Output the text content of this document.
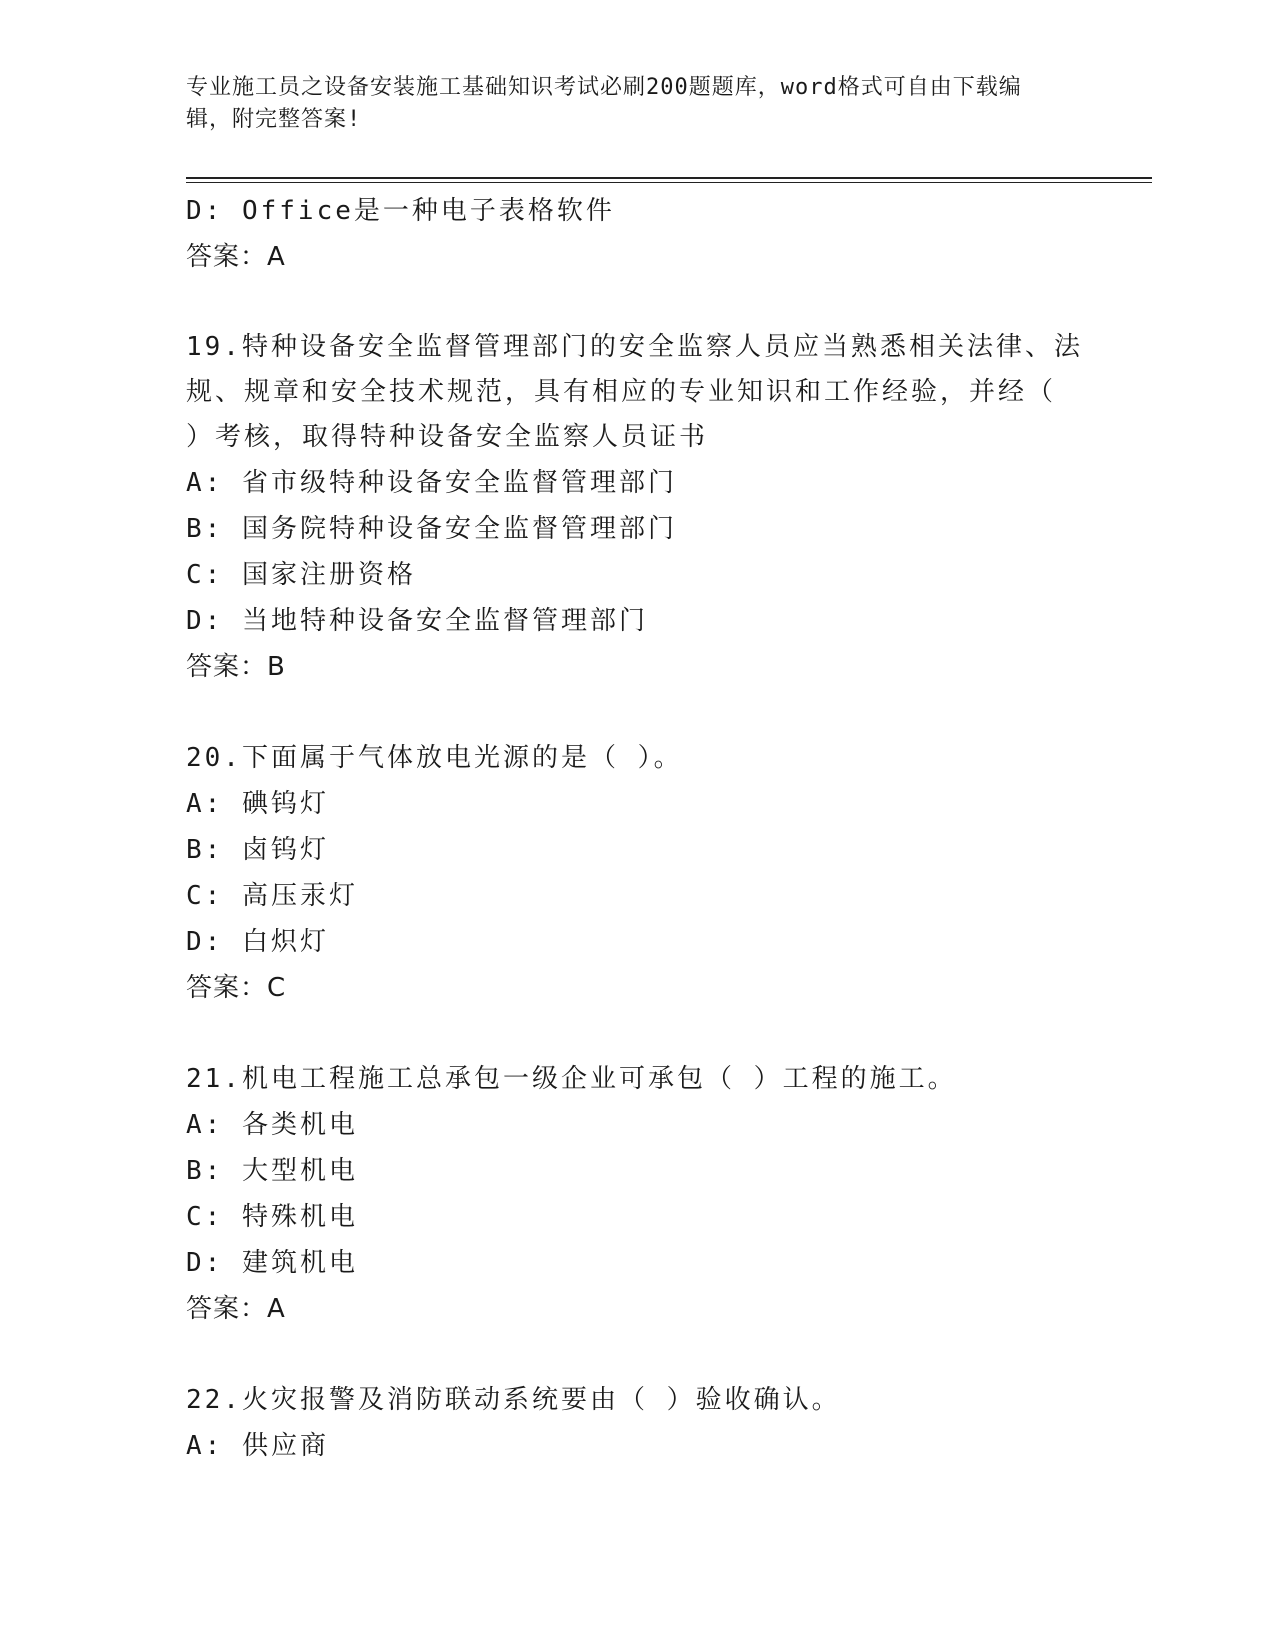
专业施工员之设备安装施工基础知识考试必刷200题题库，word格式可自由下载编辑，附完整答案!
D: Office是一种电子表格软件
答案：A
19.特种设备安全监督管理部门的安全监察人员应当熟悉相关法律、法规、规章和安全技术规范，具有相应的专业知识和工作经验，并经（ ）考核，取得特种设备安全监察人员证书
A: 省市级特种设备安全监督管理部门
B: 国务院特种设备安全监督管理部门
C: 国家注册资格
D: 当地特种设备安全监督管理部门
答案：B
20.下面属于气体放电光源的是（ ）。
A: 碘钨灯
B: 卤钨灯
C: 高压汞灯
D: 白炽灯
答案：C
21.机电工程施工总承包一级企业可承包（ ）工程的施工。
A: 各类机电
B: 大型机电
C: 特殊机电
D: 建筑机电
答案：A
22.火灾报警及消防联动系统要由（ ）验收确认。
A: 供应商
